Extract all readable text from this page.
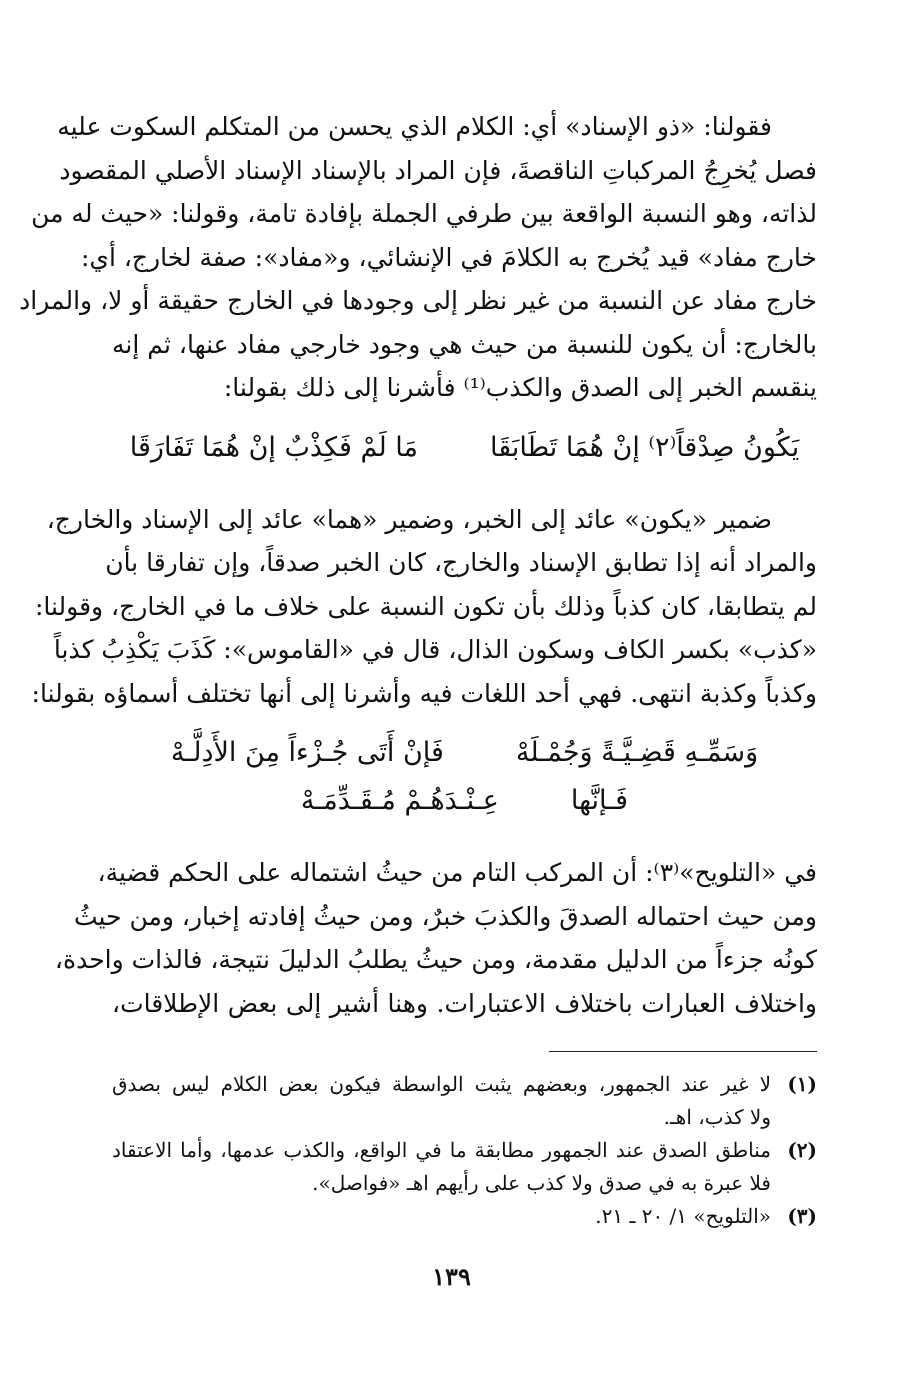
فقولنا: «ذو الإسناد» أي: الكلام الذي يحسن من المتكلم السكوت عليه
فصل يُخرِجُ المركباتِ الناقصةَ، فإن المراد بالإسناد الإسناد الأصلي المقصود
لذاته، وهو النسبة الواقعة بين طرفي الجملة بإفادة تامة، وقولنا: «حيث له من
خارج مفاد» قيد يُخرج به الكلامَ في الإنشائي، و«مفاد»: صفة لخارج، أي:
خارج مفاد عن النسبة من غير نظر إلى وجودها في الخارج حقيقة أو لا، والمراد
بالخارج: أن يكون للنسبة من حيث هي وجود خارجي مفاد عنها، ثم إنه
ينقسم الخبر إلى الصدق والكذب⁽¹⁾ فأشرنا إلى ذلك بقولنا:
يَكُونُ صِدْقاً⁽٢⁾ إنْ هُمَا تَطَابَقَا
مَا لَمْ فَكِذْبٌ إنْ هُمَا تَفَارَقَا
ضمير «يكون» عائد إلى الخبر، وضمير «هما» عائد إلى الإسناد والخارج،
والمراد أنه إذا تطابق الإسناد والخارج، كان الخبر صدقاً، وإن تفارقا بأن
لم يتطابقا، كان كذباً وذلك بأن تكون النسبة على خلاف ما في الخارج، وقولنا:
«كذب» بكسر الكاف وسكون الذال، قال في «القاموس»: كَذَبَ يَكْذِبُ كذباً
وكذباً وكذبة انتهى. فهي أحد اللغات فيه وأشرنا إلى أنها تختلف أسماؤه بقولنا:
وَسَمِّـهِ قَضِـيَّـةً وَجُمْـلَهْ
فَإنْ أَتَى جُـزْءاً مِنَ الأَدِلَّـهْ
فَـإنَّها
عِـنْـدَهُـمْ مُـقَـدِّمَـهْ
في «التلويح»⁽٣⁾: أن المركب التام من حيثُ اشتماله على الحكم قضية،
ومن حيث احتماله الصدقَ والكذبَ خبرٌ، ومن حيثُ إفادته إخبار، ومن حيثُ
كونُه جزءاً من الدليل مقدمة، ومن حيثُ يطلبُ الدليلَ نتيجة، فالذات واحدة،
واختلاف العبارات باختلاف الاعتبارات. وهنا أشير إلى بعض الإطلاقات،
(١)
لا غير عند الجمهور، وبعضهم يثبت الواسطة فيكون بعض الكلام ليس بصدق
ولا كذب، اهـ.
(٢)
مناطق الصدق عند الجمهور مطابقة ما في الواقع، والكذب عدمها، وأما الاعتقاد
فلا عبرة به في صدق ولا كذب على رأيهم اهـ «فواصل».
(٣)
«التلويح» ١/ ٢٠ ـ ٢١.
١٣٩
